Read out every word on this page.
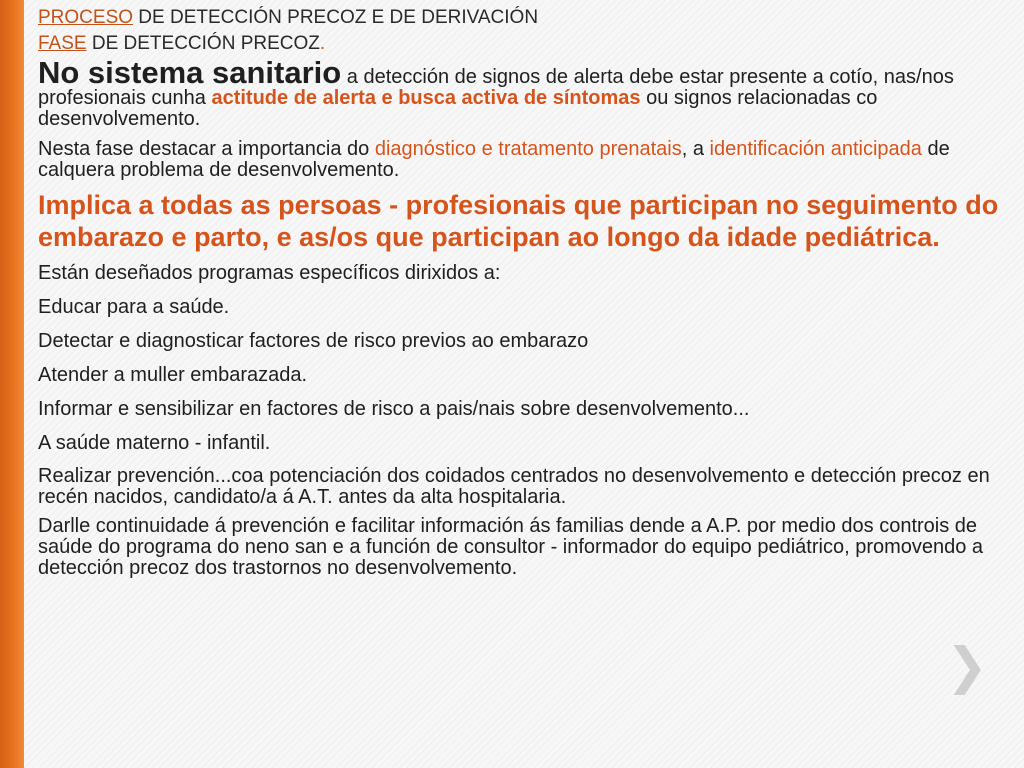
PROCESO DE DETECCIÓN PRECOZ E DE DERIVACIÓN

FASE DE DETECCIÓN PRECOZ.

No sistema sanitario a detección de signos de alerta debe estar presente a cotío, nas/nos profesionais cunha actitude de alerta e busca activa de síntomas ou signos relacionadas co desenvolvemento.

Nesta fase destacar a importancia do diagnóstico e tratamento prenatais, a identificación anticipada de calquera problema de desenvolvemento.

Implica a todas as persoas - profesionais que participan no seguimento do embarazo e parto, e as/os que participan ao longo da idade pediátrica.

Están deseñados programas específicos dirixidos a:

Educar para a saúde.

Detectar e diagnosticar factores de risco previos ao embarazo

Atender a muller embarazada.

Informar e sensibilizar en factores de risco a pais/nais sobre desenvolvemento...

A saúde materno - infantil.

Realizar prevención...coa potenciación dos coidados centrados no desenvolvemento e detección precoz en recén nacidos, candidato/a á A.T. antes da alta hospitalaria.

Darlle continuidade á prevención e facilitar información ás familias dende a A.P. por medio dos controis de saúde do programa do neno san e a función de consultor - informador do equipo pediátrico, promovendo a detección precoz dos trastornos no desenvolvemento.

❯
